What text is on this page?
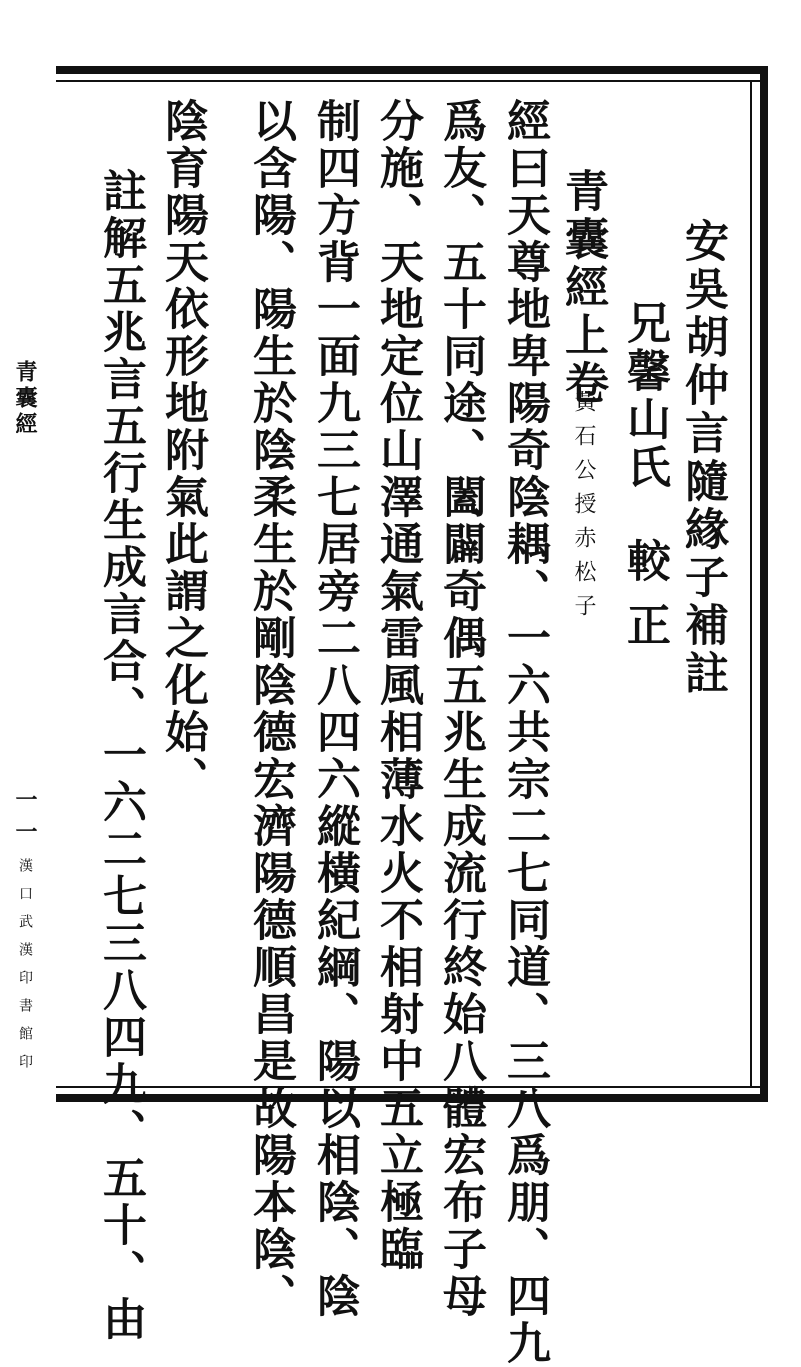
安吳胡仲言隨緣子補註
兄馨山氏
較正
青囊經上卷
黃石公授赤松子
經曰天尊地卑陽奇陰耦、一六共宗二七同道、三八爲朋、四九
爲友、五十同途、闔闢奇偶五兆生成流行終始八體宏布子母
分施、天地定位山澤通氣雷風相薄水火不相射中五立極臨
制四方背一面九三七居旁二八四六縱橫紀綱、陽以相陰、陰
以含陽、陽生於陰柔生於剛陰德宏濟陽德順昌是故陽本陰、
陰育陽天依形地附氣此謂之化始、
註解五兆言五行生成言合、一六二七三八四九、五十、由
青囊經
一一
漢口武漢印書館印
